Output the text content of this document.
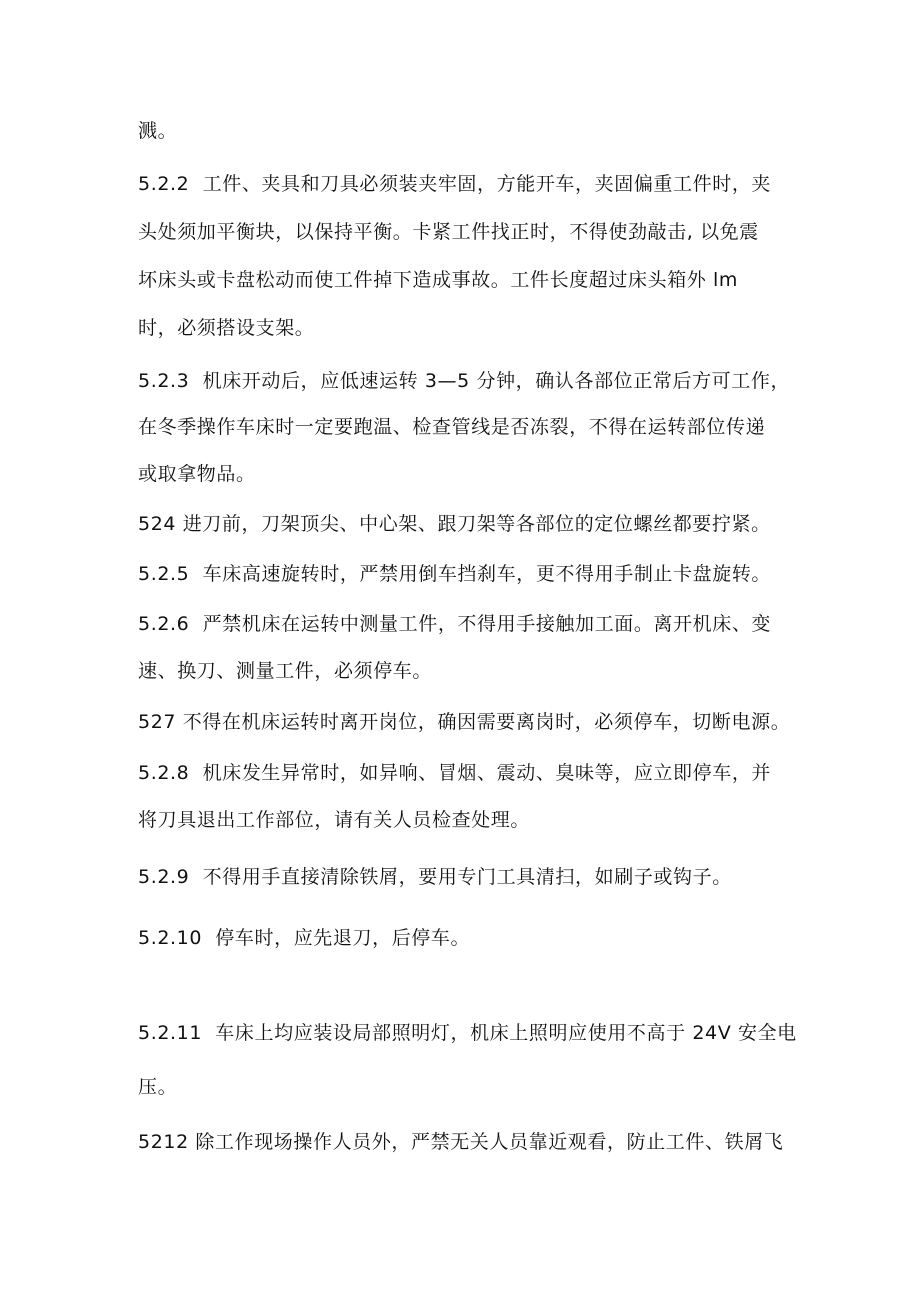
溅。
5.2.2  工件、夹具和刀具必须装夹牢固，方能开车，夹固偏重工件时，夹
头处须加平衡块，以保持平衡。卡紧工件找正时，不得使劲敲击, 以免震
坏床头或卡盘松动而使工件掉下造成事故。工件长度超过床头箱外 lm
时，必须搭设支架。
5.2.3  机床开动后，应低速运转 3—5 分钟，确认各部位正常后方可工作，
在冬季操作车床时一定要跑温、检查管线是否冻裂，不得在运转部位传递
或取拿物品。
524 进刀前，刀架顶尖、中心架、跟刀架等各部位的定位螺丝都要拧紧。
5.2.5  车床高速旋转时，严禁用倒车挡刹车，更不得用手制止卡盘旋转。
5.2.6  严禁机床在运转中测量工件，不得用手接触加工面。离开机床、变
速、换刀、测量工件，必须停车。
527 不得在机床运转时离开岗位，确因需要离岗时，必须停车，切断电源。
5.2.8  机床发生异常时，如异响、冒烟、震动、臭味等，应立即停车，并
将刀具退出工作部位，请有关人员检查处理。
5.2.9  不得用手直接清除铁屑，要用专门工具清扫，如刷子或钩子。
5.2.10  停车时，应先退刀，后停车。
5.2.11  车床上均应装设局部照明灯，机床上照明应使用不高于 24V 安全电
压。
5212 除工作现场操作人员外，严禁无关人员靠近观看，防止工件、铁屑飞
